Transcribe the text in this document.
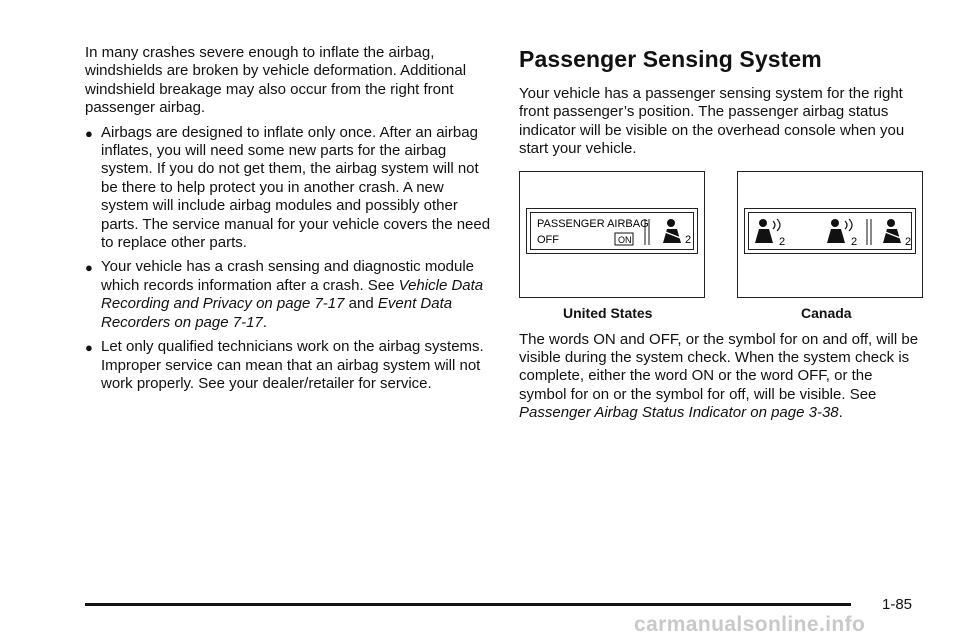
In many crashes severe enough to inflate the airbag, windshields are broken by vehicle deformation. Additional windshield breakage may also occur from the right front passenger airbag.

● Airbags are designed to inflate only once. After an airbag inflates, you will need some new parts for the airbag system. If you do not get them, the airbag system will not be there to help protect you in another crash. A new system will include airbag modules and possibly other parts. The service manual for your vehicle covers the need to replace other parts.
● Your vehicle has a crash sensing and diagnostic module which records information after a crash. See Vehicle Data Recording and Privacy on page 7-17 and Event Data Recorders on page 7-17.
● Let only qualified technicians work on the airbag systems. Improper service can mean that an airbag system will not work properly. See your dealer/retailer for service.
Passenger Sensing System

Your vehicle has a passenger sensing system for the right front passenger’s position. The passenger airbag status indicator will be visible on the overhead console when you start your vehicle.

PASSENGER AIRBAG
OFF	ON	2	2	2	2
United States	Canada

The words ON and OFF, or the symbol for on and off, will be visible during the system check. When the system check is complete, either the word ON or the word OFF, or the symbol for on or the symbol for off, will be visible. See Passenger Airbag Status Indicator on page 3-38.

1-85
carmanualsonline.info
